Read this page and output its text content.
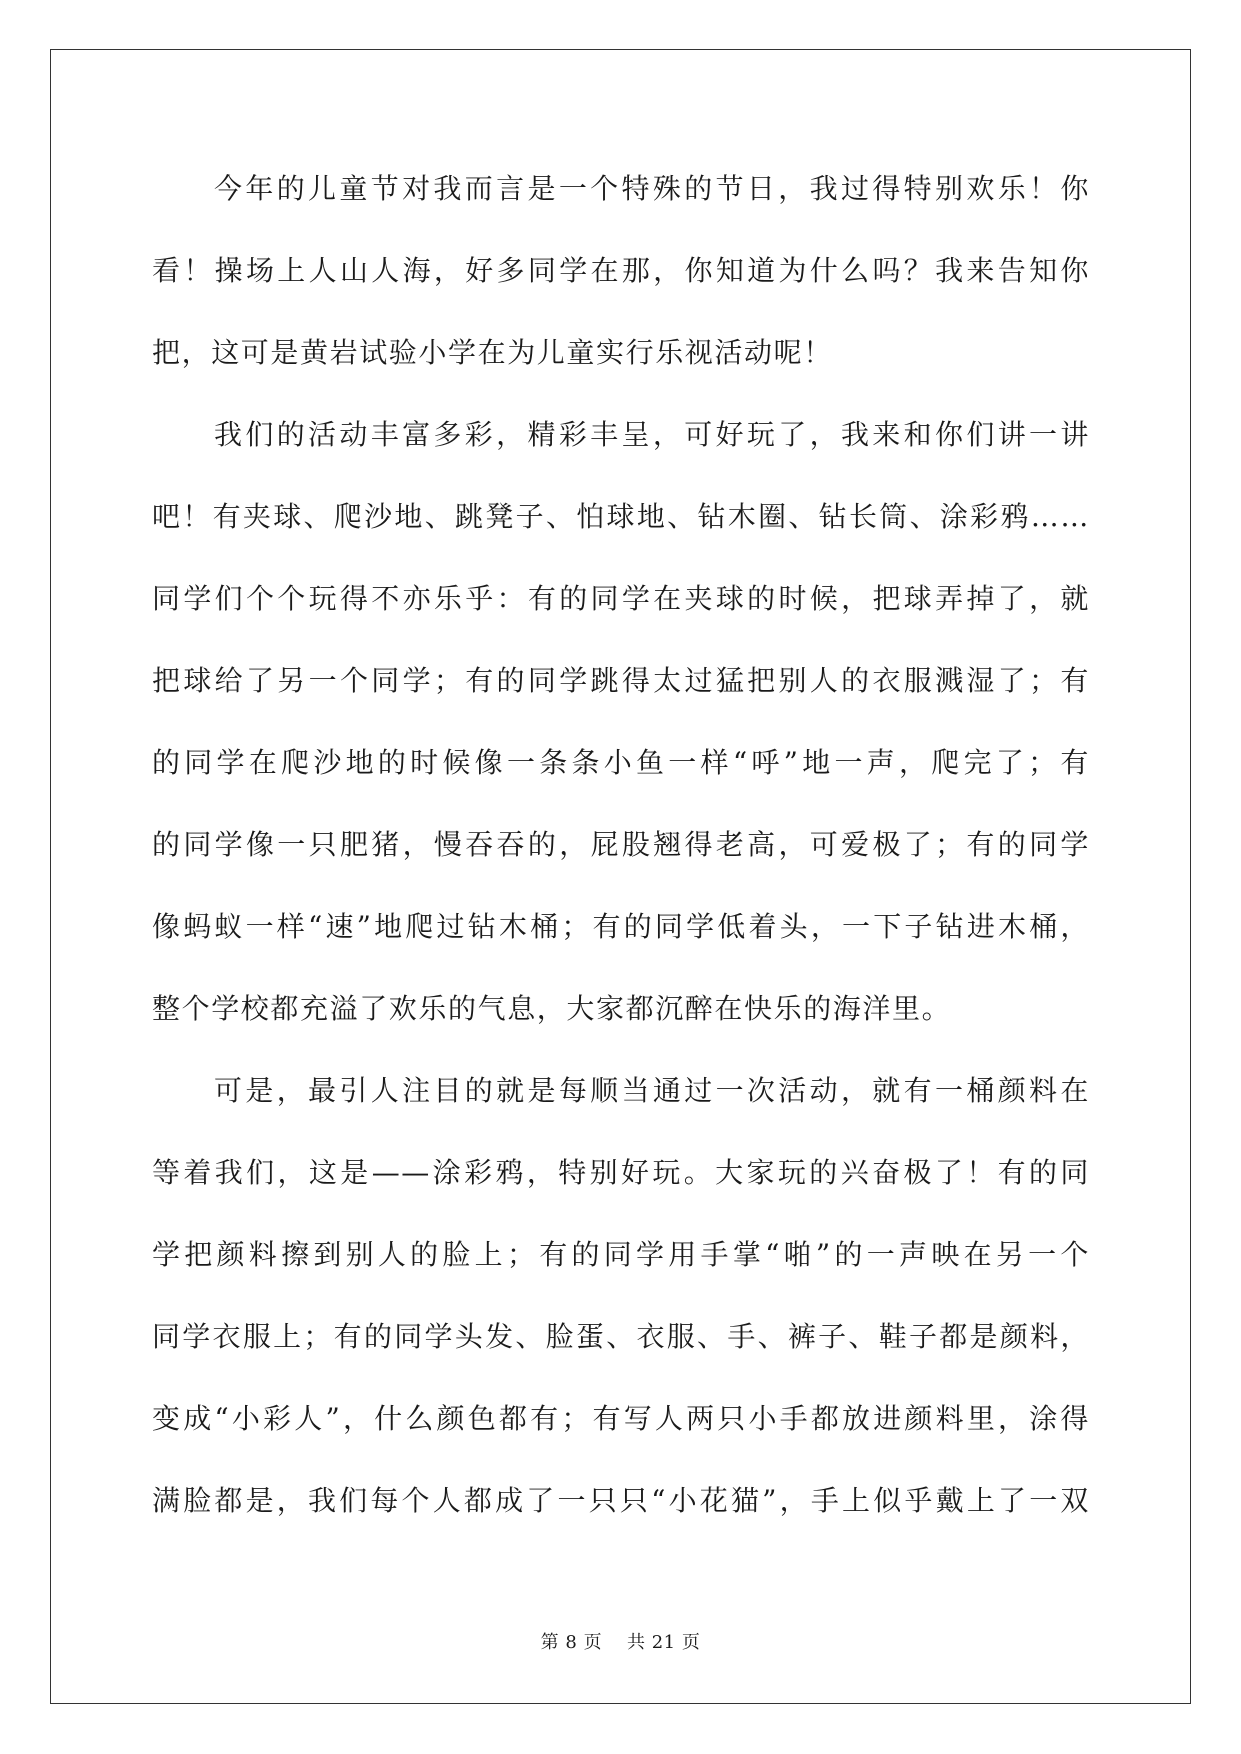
今年的儿童节对我而言是一个特殊的节日，我过得特别欢乐！你
看！操场上人山人海，好多同学在那，你知道为什么吗？我来告知你
把，这可是黄岩试验小学在为儿童实行乐视活动呢！
我们的活动丰富多彩，精彩丰呈，可好玩了，我来和你们讲一讲
吧！有夹球、爬沙地、跳凳子、怕球地、钻木圈、钻长筒、涂彩鸦……
同学们个个玩得不亦乐乎：有的同学在夹球的时候，把球弄掉了，就
把球给了另一个同学；有的同学跳得太过猛把别人的衣服溅湿了；有
的同学在爬沙地的时候像一条条小鱼一样“呼”地一声，爬完了；有
的同学像一只肥猪，慢吞吞的，屁股翘得老高，可爱极了；有的同学
像蚂蚁一样“速”地爬过钻木桶；有的同学低着头，一下子钻进木桶，
整个学校都充溢了欢乐的气息，大家都沉醉在快乐的海洋里。
可是，最引人注目的就是每顺当通过一次活动，就有一桶颜料在
等着我们，这是——涂彩鸦，特别好玩。大家玩的兴奋极了！有的同
学把颜料擦到别人的脸上；有的同学用手掌“啪”的一声映在另一个
同学衣服上；有的同学头发、脸蛋、衣服、手、裤子、鞋子都是颜料，
变成“小彩人”，什么颜色都有；有写人两只小手都放进颜料里，涂得
满脸都是，我们每个人都成了一只只“小花猫”，手上似乎戴上了一双
第 8 页 共 21 页
